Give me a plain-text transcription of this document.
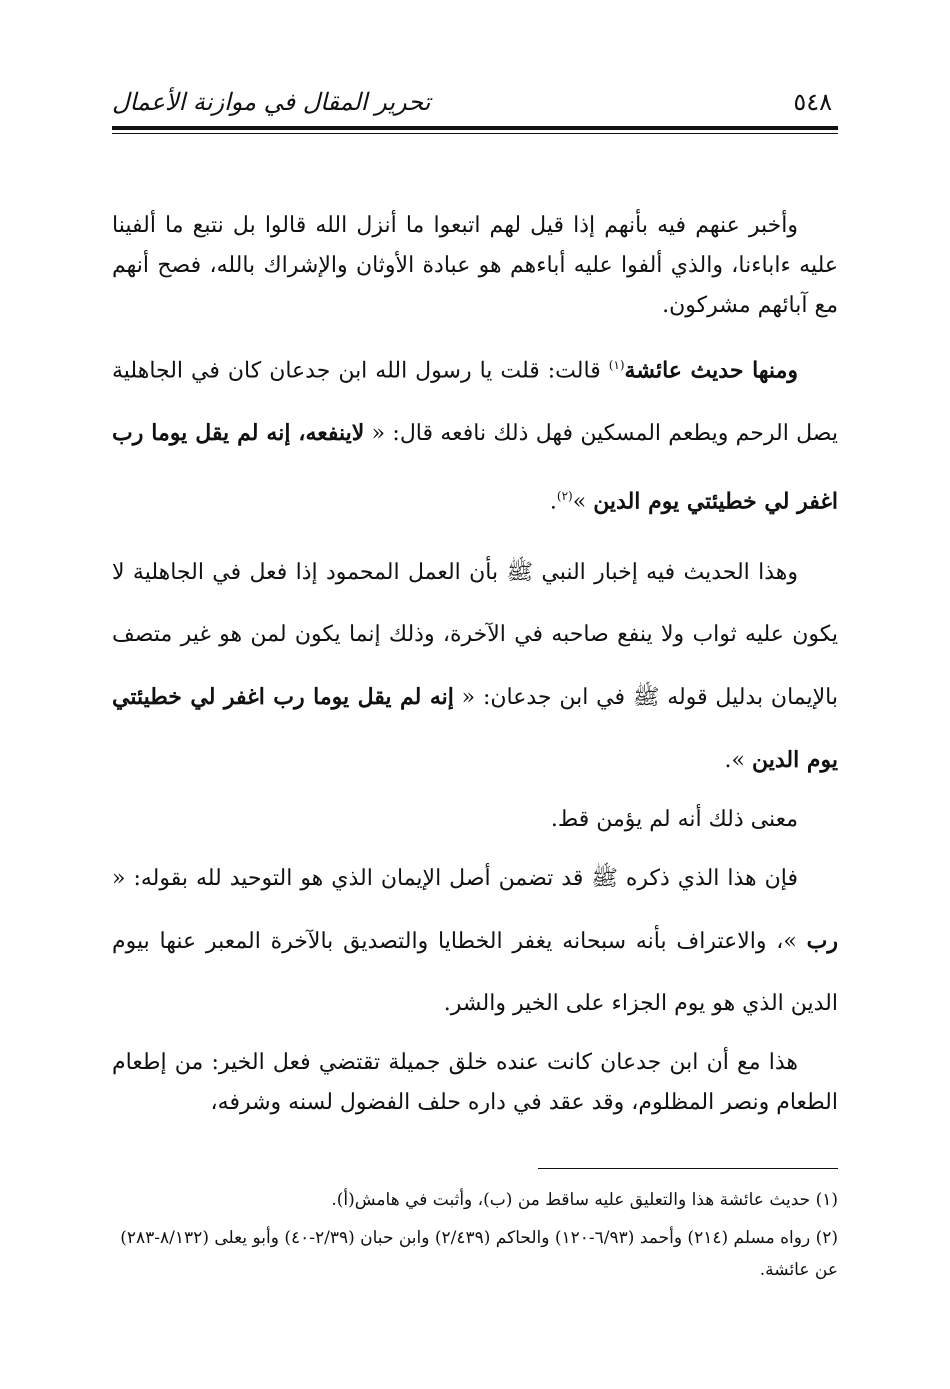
٥٤٨
تحرير المقال في موازنة الأعمال

وأخبر عنهم فيه بأنهم إذا قيل لهم اتبعوا ما أنزل الله قالوا بل نتبع ما ألفينا عليه ءاباءنا، والذي ألفوا عليه أباءهم هو عبادة الأوثان والإشراك بالله، فصح أنهم مع آبائهم مشركون.

ومنها حديث عائشة$^{(١)}$ قالت: قلت يا رسول الله ابن جدعان كان في الجاهلية يصل الرحم ويطعم المسكين فهل ذلك نافعه قال: « لاينفعه، إنه لم يقل يوما رب اغفر لي خطيئتي يوم الدين »$^{(٢)}$.

وهذا الحديث فيه إخبار النبي ﷺ بأن العمل المحمود إذا فعل في الجاهلية لا يكون عليه ثواب ولا ينفع صاحبه في الآخرة، وذلك إنما يكون لمن هو غير متصف بالإيمان بدليل قوله ﷺ في ابن جدعان: « إنه لم يقل يوما رب اغفر لي خطيئتي يوم الدين ».

معنى ذلك أنه لم يؤمن قط.

فإن هذا الذي ذكره ﷺ قد تضمن أصل الإيمان الذي هو التوحيد لله بقوله: « رب »، والاعتراف بأنه سبحانه يغفر الخطايا والتصديق بالآخرة المعبر عنها بيوم الدين الذي هو يوم الجزاء على الخير والشر.

هذا مع أن ابن جدعان كانت عنده خلق جميلة تقتضي فعل الخير: من إطعام الطعام ونصر المظلوم، وقد عقد في داره حلف الفضول لسنه وشرفه،

(١) حديث عائشة هذا والتعليق عليه ساقط من (ب)، وأثبت في هامش(أ).

(٢) رواه مسلم (٢١٤) وأحمد (٦/٩٣-١٢٠) والحاكم (٢/٤٣٩) وابن حبان (٢/٣٩-٤٠) وأبو يعلى (٨/١٣٢-٢٨٣) عن عائشة.
